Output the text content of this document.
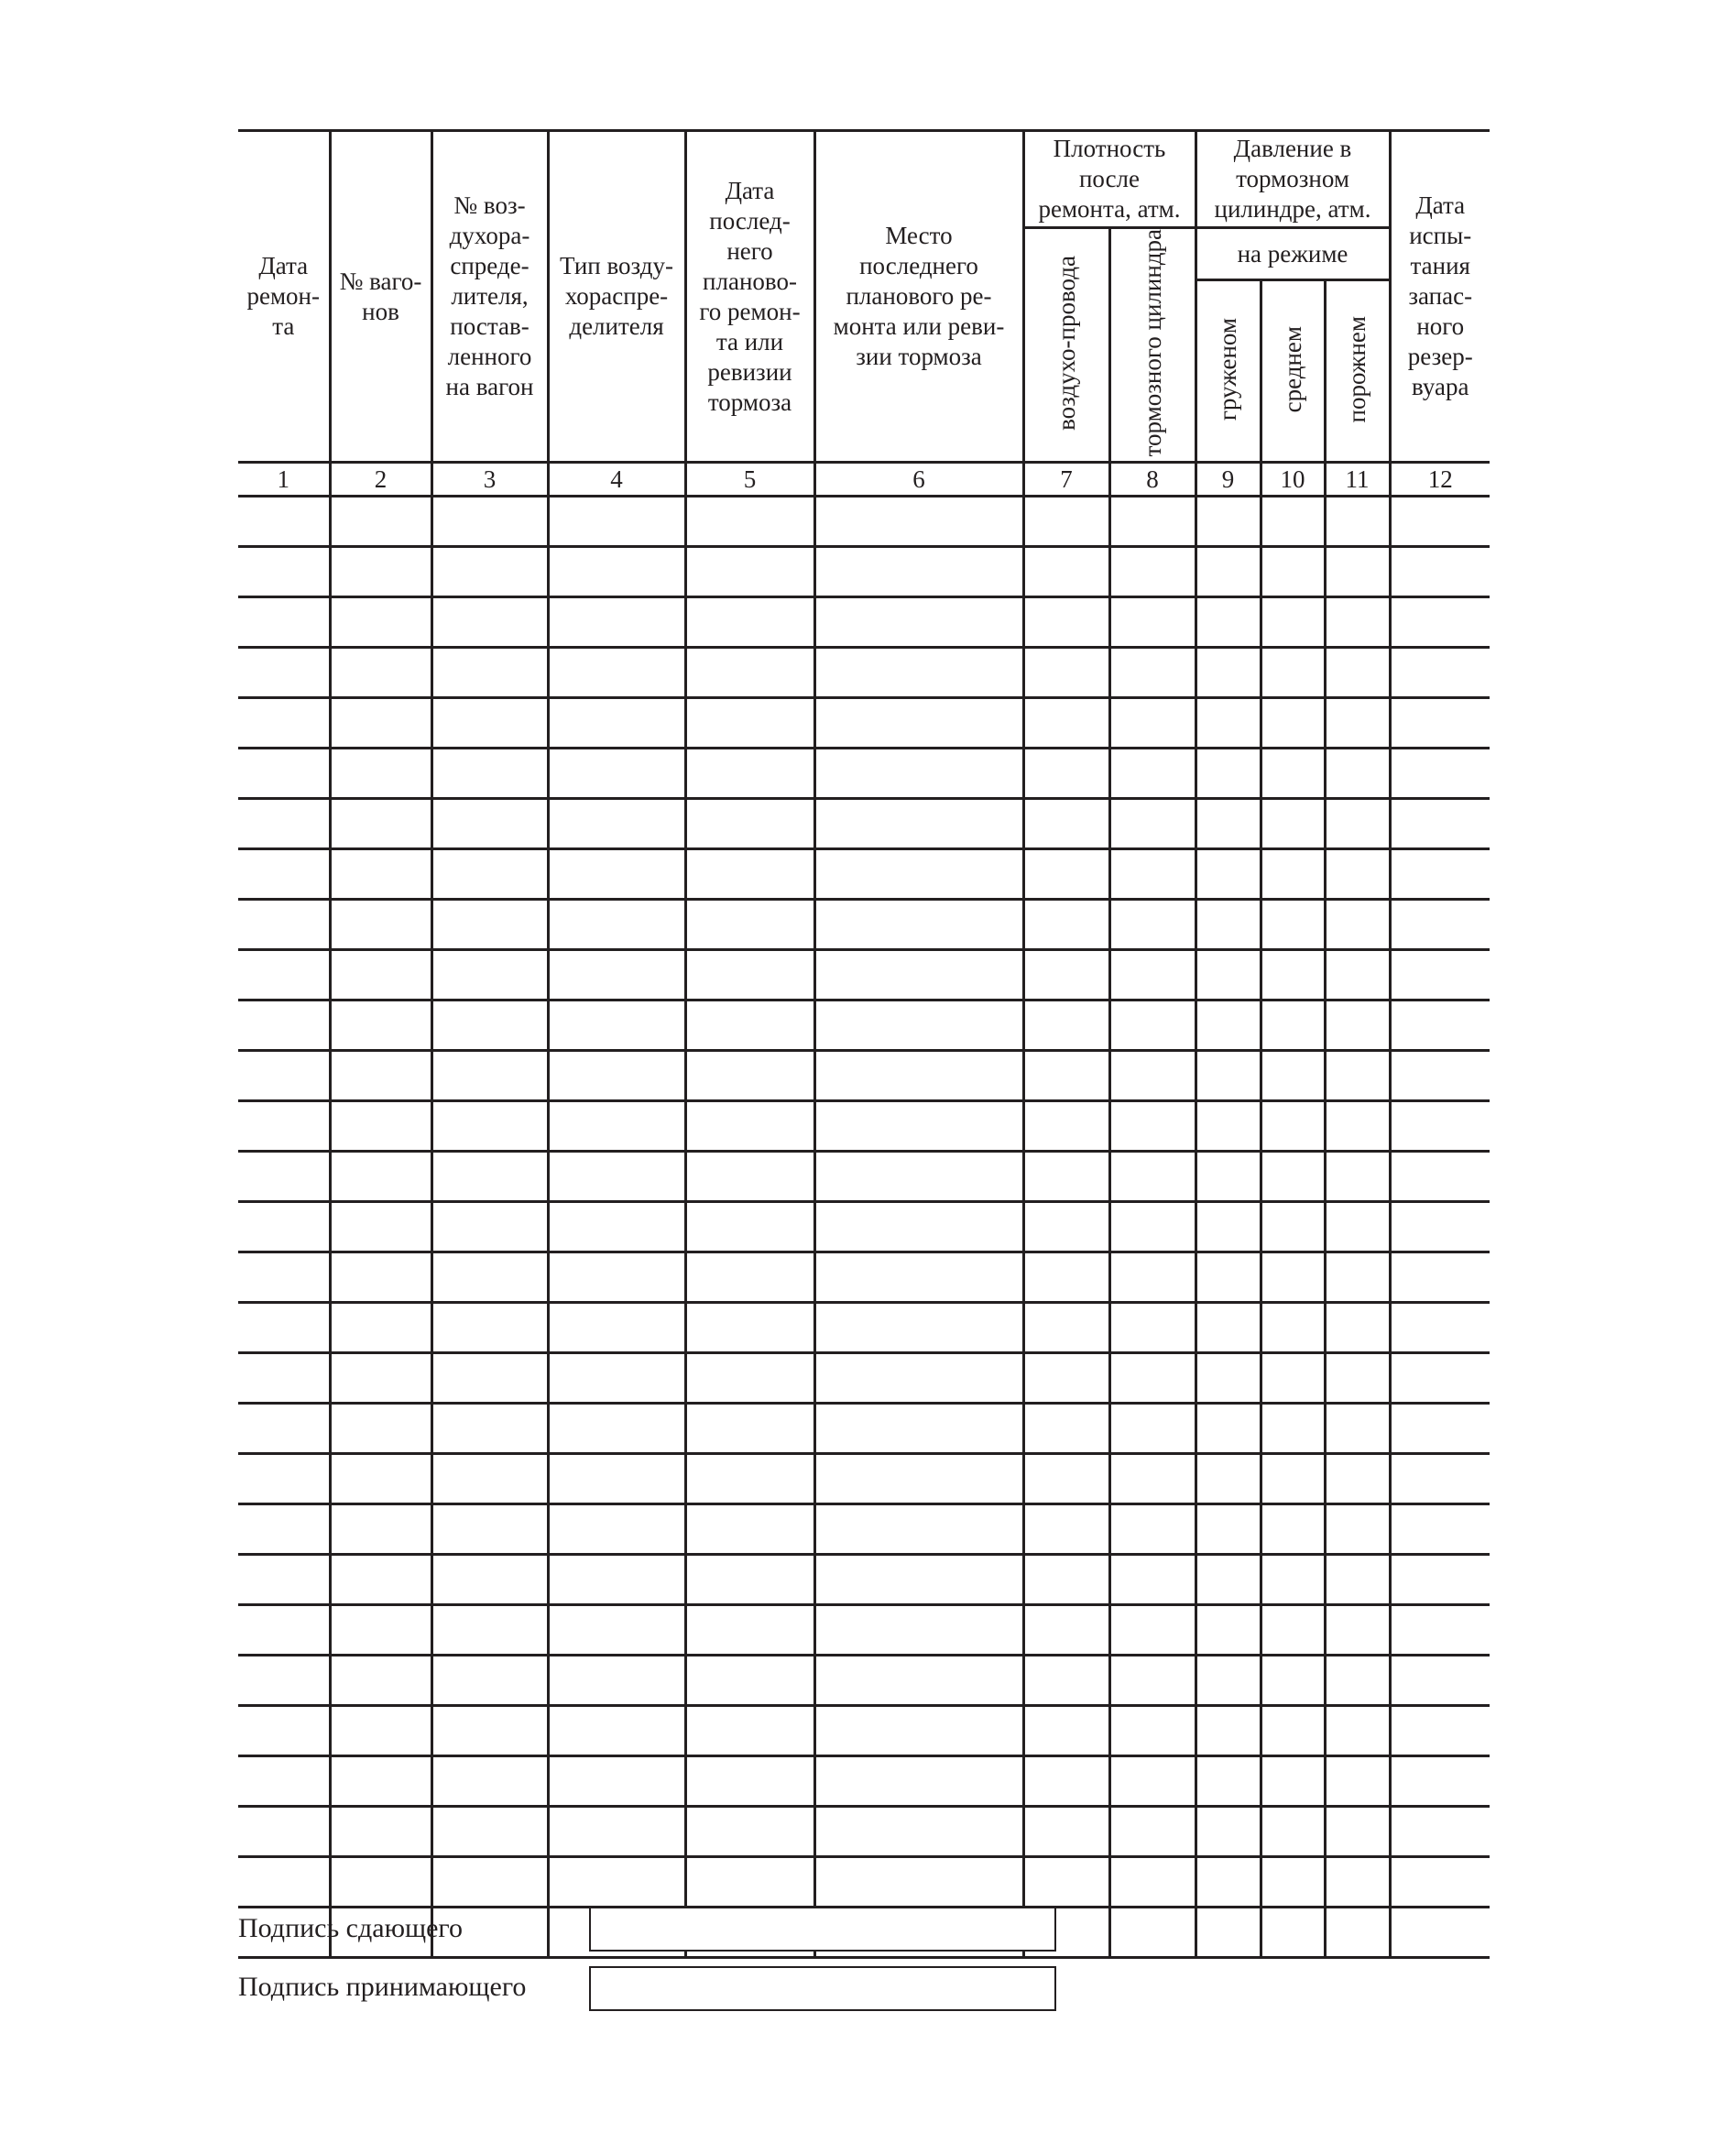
Дата ремон-та	№ ваго-нов	№ воз-духора-спреде-лителя, постав-ленного на вагон	Тип возду-хораспре-делителя	Дата послед-него планово-го ремон-та или ревизии тормоза	Место последнего планового ре-монта или реви-зии тормоза	Плотность после ремонта, атм.		Давление в тормозном цилиндре, атм.			Дата испы-тания запас-ного резер-вуара
						воздухо-провода	тормозного цилиндра	на режиме			
								груженом	среднем	порожнем	
1	2	3	4	5	6	7	8	9	10	11	12

Подпись сдающего
Подпись принимающего
